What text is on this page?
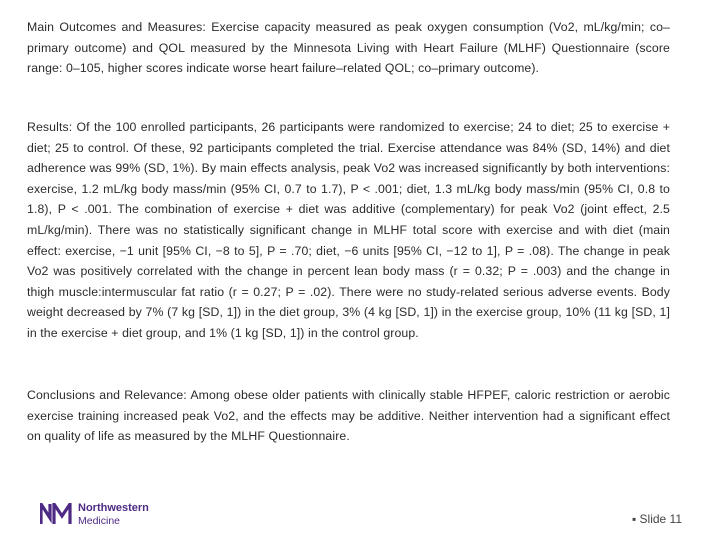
Main Outcomes and Measures: Exercise capacity measured as peak oxygen consumption (Vo2, mL/kg/min; co–primary outcome) and QOL measured by the Minnesota Living with Heart Failure (MLHF) Questionnaire (score range: 0–105, higher scores indicate worse heart failure–related QOL; co–primary outcome).

Results: Of the 100 enrolled participants, 26 participants were randomized to exercise; 24 to diet; 25 to exercise + diet; 25 to control. Of these, 92 participants completed the trial. Exercise attendance was 84% (SD, 14%) and diet adherence was 99% (SD, 1%). By main effects analysis, peak Vo2 was increased significantly by both interventions: exercise, 1.2 mL/kg body mass/min (95% CI, 0.7 to 1.7), P < .001; diet, 1.3 mL/kg body mass/min (95% CI, 0.8 to 1.8), P < .001. The combination of exercise + diet was additive (complementary) for peak Vo2 (joint effect, 2.5 mL/kg/min). There was no statistically significant change in MLHF total score with exercise and with diet (main effect: exercise, −1 unit [95% CI, −8 to 5], P = .70; diet, −6 units [95% CI, −12 to 1], P = .08). The change in peak Vo2 was positively correlated with the change in percent lean body mass (r = 0.32; P = .003) and the change in thigh muscle:intermuscular fat ratio (r = 0.27; P = .02). There were no study-related serious adverse events. Body weight decreased by 7% (7 kg [SD, 1]) in the diet group, 3% (4 kg [SD, 1]) in the exercise group, 10% (11 kg [SD, 1] in the exercise + diet group, and 1% (1 kg [SD, 1]) in the control group.

Conclusions and Relevance: Among obese older patients with clinically stable HFPEF, caloric restriction or aerobic exercise training increased peak Vo2, and the effects may be additive. Neither intervention had a significant effect on quality of life as measured by the MLHF Questionnaire.

Northwestern
Medicine	▪ Slide 11
